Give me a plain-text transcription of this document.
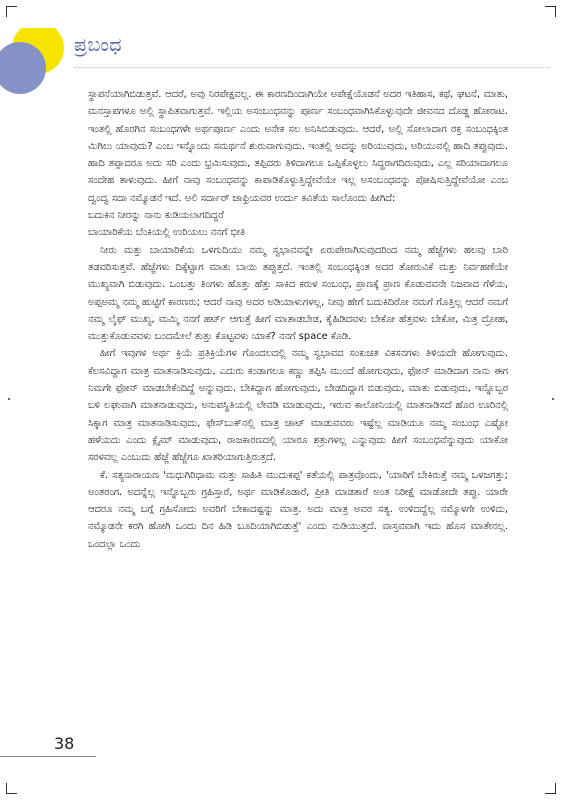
ಪ್ರಬಂಧ

ಸ್ಥಾಪನೆಯಾಗಿಬಿಡುತ್ತವೆ. ಆದರೆ, ಅವು ನಿರಪೇಕ್ಷವಲ್ಲ. ಈ ಕಾರಣದಿಂದಾಗಿಯೇ ಅಪೇಕ್ಷೆಯೊಡನೆ ಅದರ ಇತಿಹಾಸ, ಕಥೆ, ಘಟನೆ, ಮಾತು, ಮನಸ್ತಾಪಗಳೂ ಅಲ್ಲಿ ಸ್ಥಾಪಿತವಾಗುತ್ತವೆ. ಇಲ್ಲಿಯ ಅಸಂಬಂಧವನ್ನು ಪೂರ್ಣ ಸಂಬಂಧವಾಗಿಸಿಕೊಳ್ಳುವುದೇ ಜೀವನದ ದೊಡ್ಡ ಹೋರಾಟ. ಇಂತಲ್ಲಿ ಹೊರಗಿನ ಸಂಬಂಧಗಳೇ ಅರ್ಥಪೂರ್ಣ ಎಂದು ಅನೇಕ ಸಲ ಅನಿಸಿಬಿಡುವುದು. ಆದರೆ, ಅಲ್ಲಿ ಸೋಲಾದಾಗ ರಕ್ತ ಸಂಬಂಧಕ್ಕಿಂತ ಮಿಗಿಲು ಯಾವುದು? ಎಂಬ ಇನ್ನೊಂದು ಸಮರ್ಥನೆ ಶುರುವಾಗುವುದು. ಇಂತಲ್ಲಿ ಅದನ್ನು ಅರಿಯುವುದು, ಅರಿಯುವಲ್ಲಿ ಹಾದಿ ತಪ್ಪುವುದು. ಹಾದಿ ತಪ್ಪಾದರೂ ಅದು ಸರಿ ಎಂದು ಭ್ರಮಿಸುವುದು, ತಪ್ಪಿದರು ತಿಳಿದಾಗಲೂ ಒಪ್ಪಿಕೊಳ್ಳಲು ಸಿದ್ಧರಾಗದಿರುವುದು, ಎಲ್ಲ ಸರಿಯಾದಾಗಲೂ ಸಂದೇಹ ತಾಳುವುದು. ಹೀಗೆ ನಾವು ಸಂಬಂಧವನ್ನು ಕಾಪಾಡಿಕೊಳ್ಳುತ್ತಿದ್ದೇವೆಯೇ ಇಲ್ಲ ಅಸಂಬಂಧವನ್ನು ಪೋಷಿಸುತ್ತಿದ್ದೇವೆಯೋ ಎಂಬ ದ್ವಂದ್ವ ಸದಾ ನಮ್ಮೊಡನೆ ಇದೆ. ಅಲಿ ಸರ್ದಾರ್ ಜಾಫ್ರಿಯವರ ಉರ್ದು ಕವಿತೆಯ ಸಾಲೊಂದು ಹೀಗಿದೆ:

ಬದುಕಿನ ನೀರನ್ನು ನಾನು ಕುಡಿಯಲಾಗದಿದ್ದರೆ

ಬಾಯಾರಿಕೆಯ ಬೆಂಕಿಯಲ್ಲಿ ಉರಿಯಲು ನನಗೆ ಭೀತಿ

ನೀರು ಮತ್ತು ಬಾಯಾರಿಕೆಯ ಒಳಗುದಿಯು ನಮ್ಮ ಸ್ವಭಾವವನ್ನೇ ಏರುಪೇರಾಗಿಸುವುದರಿಂದ ನಮ್ಮ ಹೆಜ್ಜೆಗಳು ಹಲವು ಬಾರಿ ತಡವರಿಸುತ್ತವೆ. ಹೆಜ್ಜೆಗಳು ದಿಕ್ಕೆಟ್ಟಾಗ ಮಾತು ಬಾಯಿ ತಪ್ಪುತ್ತದೆ. ಇಂತಲ್ಲಿ ಸಂಬಂಧಕ್ಕಿಂತ ಅದರ ತೋರುವಿಕೆ ಮತ್ತು ನಿರ್ವಹಣೆಯೇ ಮುಖ್ಯವಾಗಿ ಬಿಡುವುದು. ಒಂಬತ್ತು ತಿಂಗಳು ಹೊತ್ತು ಹೆತ್ತು ಸಾಕಿದ ಕರುಳ ಸಂಬಂಧ, ಪ್ರಾಣಕ್ಕೆ ಪ್ರಾಣ ಕೊಡುವವನೇ ನಿಜವಾದ ಗೆಳೆಯ, ಅಪ್ಪಅಮ್ಮ ನಮ್ಮ ಹುಟ್ಟಿಗೆ ಕಾರಣರು; ಆದರೆ ನಾವು ಅದರ ಅಡಿಯಾಳುಗಳಲ್ಲ, ನೀವು ಹೇಗೆ ಬದುಕಿದಿರೋ ನಮಗೆ ಗೊತ್ತಿಲ್ಲ ಆದರೆ ನಮಗೆ ನಮ್ಮ ಲೈಫ್ ಮುಖ್ಯ, ಮಮ್ಮಿ ನನಗೆ ಹರ್ಟ್ ಆಗುತ್ತೆ ಹೀಗೆ ಮಾತಾಡಬೇಡ, ಕೈಹಿಡಿದವಳು ಬೇಕೋ ಹೆತ್ತವಳು ಬೇಕೋ, ಮಿತ್ರ ದ್ರೋಹ, ಮುತ್ತುಕೊಡುವವಳು ಬಂದಮೇಲೆ ತುತ್ತು ಕೊಟ್ಟವಳು ಯಾಕೆ? ನನಗೆ space ಕೊಡಿ.

ಹೀಗೆ ಇವುಗಳ ಅರ್ಥ ಕ್ರಿಯೆ ಪ್ರತಿಕ್ರಿಯೆಗಳ ಗೊಂದಲದಲ್ಲಿ ನಮ್ಮ ಸ್ವಭಾವದ ಸಂಕುಚಿತ ವಿಕಸನಗಳು ತಿಳಿಯದೇ ಹೋಗುವುದು. ಕೆಲಸವಿದ್ದಾಗ ಮಾತ್ರ ಮಾತನಾಡಿಸುವುದು, ಎದುರು ಕಂಡಾಗಲೂ ಕಣ್ಣು ತಪ್ಪಿಸಿ ಮುಂದೆ ಹೋಗುವುದು, ಫೋನ್ ಮಾಡಿದಾಗ ನಾನು ಈಗ ನಿಮಗೇ ಫೋನ್ ಮಾಡಬೇಕೆಂದಿದ್ದೆ ಅನ್ನುವುದು. ಬೇಕಿದ್ದಾಗ ಹೋಗುವುದು, ಬೇಡದಿದ್ದಾಗ ಬಿಡುವುದು, ಮಾತು ಬಿಡುವುದು, ಇನ್ನೊಬ್ಬರ ಬಳಿ ಲಘುವಾಗಿ ಮಾತನಾಡುವುದು, ಅನುಪಸ್ಥಿತಿಯಲ್ಲಿ ಲೇವಡಿ ಮಾಡುವುದು, ಇರುವ ಕಾಲೋನಿಯಲ್ಲಿ ಮಾತನಾಡಿಸದೆ ಹೊರ ಊರಿನಲ್ಲಿ ಸಿಕ್ಕಾಗ ಮಾತ್ರ ಮಾತನಾಡಿಸುವುದು, ಫೇಸ್‌ಬುಕ್‌ನಲ್ಲಿ ಮಾತ್ರ ಚಾಟ್ ಮಾಡುವವರು ಇಷ್ಟೆಲ್ಲ ಮಾಡಿಯೂ ನಮ್ಮ ಸಂಬಂಧ ಎಷ್ಟೋ ಹಳೆಯದು ಎಂದು ಕ್ಲೈಮ್ ಮಾಡುವುದು, ರಾಜಕಾರಣದಲ್ಲಿ ಯಾರೂ ಶತ್ರುಗಳಲ್ಲ ಎನ್ನುವುದು ಹೀಗೆ ಸಂಬಂಧವೆನ್ನುವುದು ಯಾಕೋ ಸರಳವಲ್ಲ ಎಂಬುದು ಹೆಜ್ಜೆ ಹೆಜ್ಜೆಗೂ ಖಾತರಿಯಾಗುತ್ತಿರುತ್ತದೆ.

ಕೆ. ಸತ್ಯನಾರಾಯಣ 'ಮಧುಗಿರಿಧಾಮ ಮತ್ತು ಸಾಹಿತಿ ಮುದುಕಪ್ಪ' ಕತೆಯಲ್ಲಿ ಪಾತ್ರವೊಂದು, 'ಯಾರಿಗೆ ಬೇಕಿರುತ್ತೆ ನಮ್ಮ ಒಳಜಗತ್ತು; ಅಂತರಂಗ. ಅದನ್ನೆಲ್ಲ ಇನ್ನೊಬ್ಬರು ಗ್ರಹಿಸ್ತಾರೆ, ಅರ್ಥ ಮಾಡಿಕೊಡಾರೆ, ಪ್ರೀತಿ ಮಾಡತಾರೆ ಅಂತ ನಿರೀಕ್ಷೆ ಮಾಡೋದೇ ತಪ್ಪು. ಯಾರೇ ಆದರೂ ನಮ್ಮ ಬಗ್ಗೆ ಗ್ರಹಿಸೋದು ಅವರಿಗೆ ಬೇಕಾದಷ್ಟನ್ನು ಮಾತ್ರ. ಅದು ಮಾತ್ರ ಅವರ ಸತ್ಯ. ಉಳಿದದ್ದೆಲ್ಲ ನಮ್ಮೊಳಗೇ ಉಳಿದು, ನಮ್ಮೊಡನೇ ಕರಗಿ ಹೋಗಿ ಒಂದು ದಿನ ಹಿಡಿ ಬೂದಿಯಾಗಿಬಿಡುತ್ತೆ' ಎಂದು ನುಡಿಯುತ್ತದೆ. ವಾಸ್ತವವಾಗಿ ಇದು ಹೊಸ ಮಾತೇನಲ್ಲ. ಒಂದಲ್ಲಾ ಒಂದು

38
